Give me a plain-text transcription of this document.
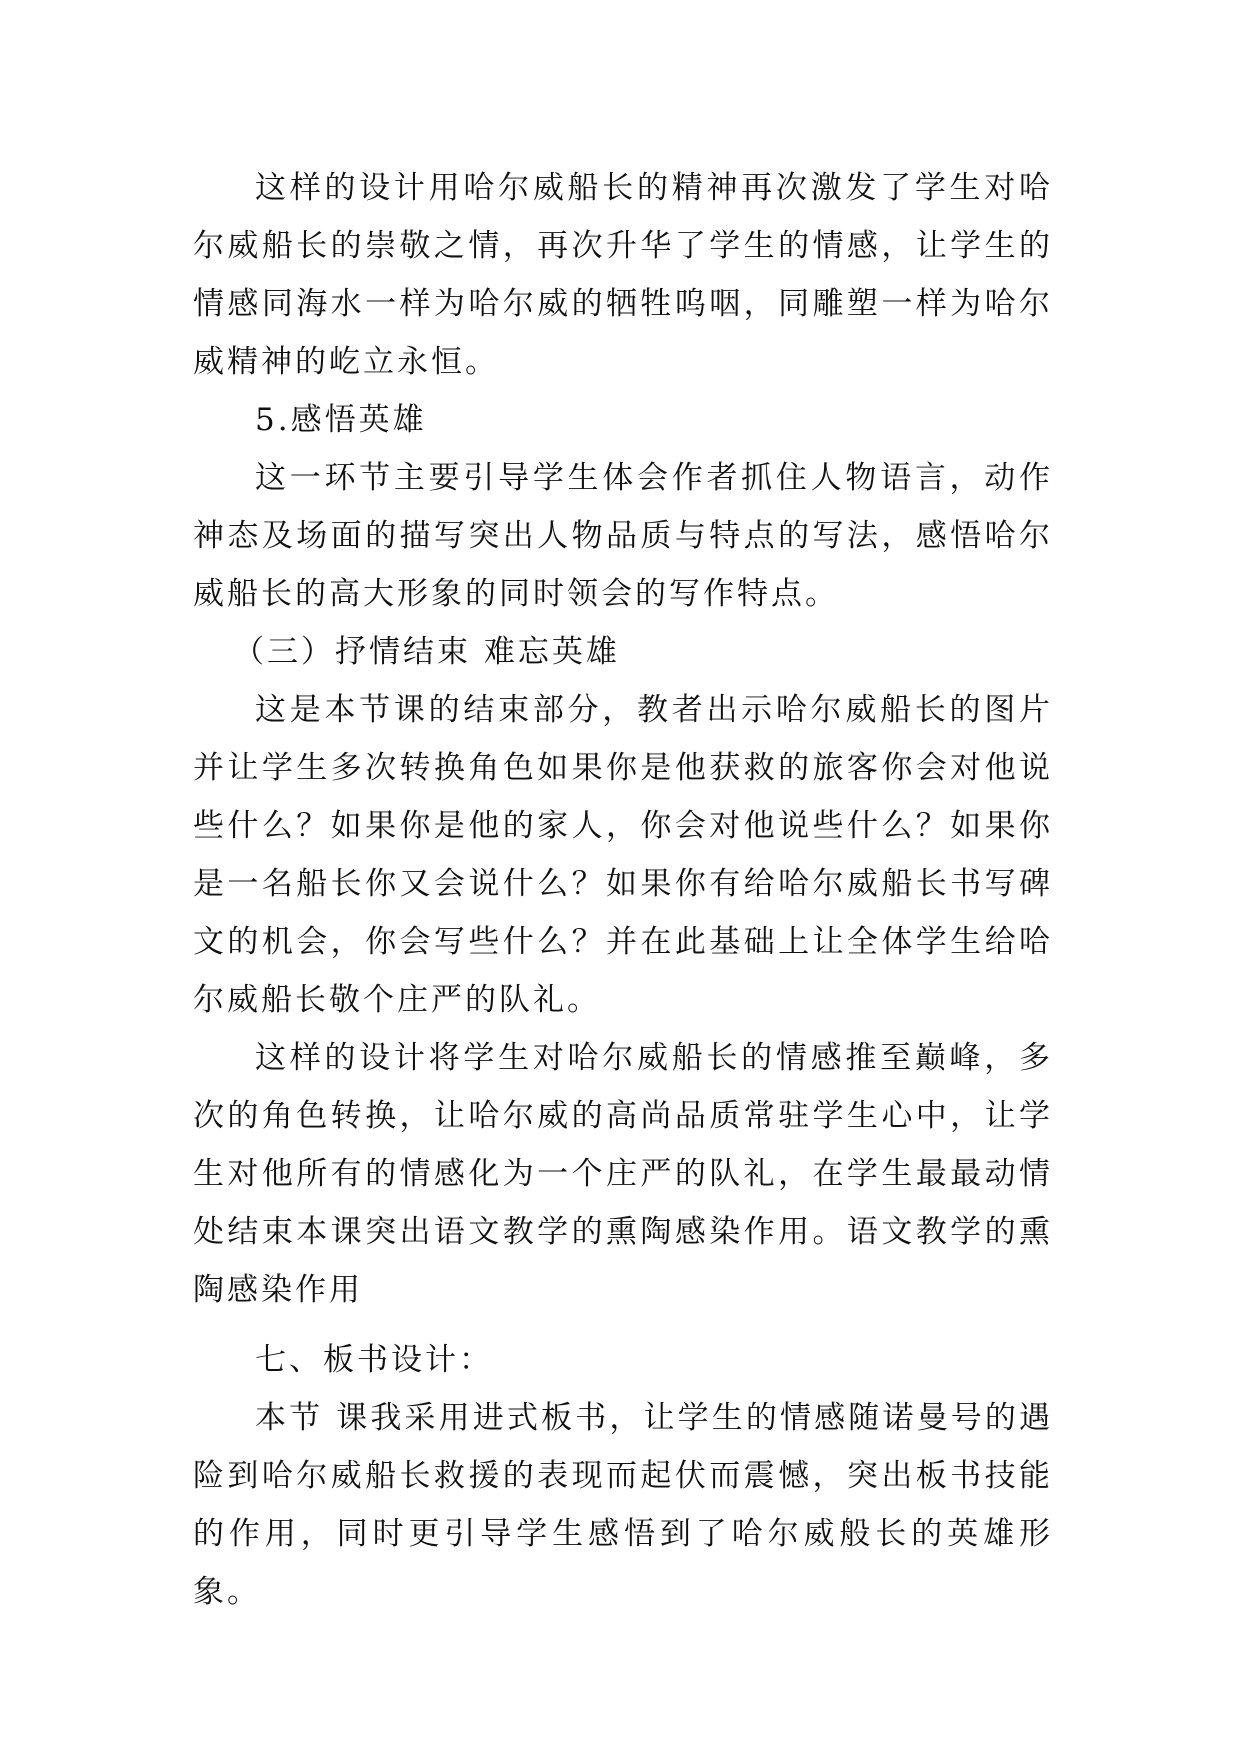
这样的设计用哈尔威船长的精神再次激发了学生对哈尔威船长的崇敬之情，再次升华了学生的情感，让学生的情感同海水一样为哈尔威的牺牲呜咽，同雕塑一样为哈尔威精神的屹立永恒。

5.感悟英雄

这一环节主要引导学生体会作者抓住人物语言，动作神态及场面的描写突出人物品质与特点的写法，感悟哈尔威船长的高大形象的同时领会的写作特点。

（三）抒情结束 难忘英雄

这是本节课的结束部分，教者出示哈尔威船长的图片并让学生多次转换角色如果你是他获救的旅客你会对他说些什么？如果你是他的家人，你会对他说些什么？如果你是一名船长你又会说什么？如果你有给哈尔威船长书写碑文的机会，你会写些什么？并在此基础上让全体学生给哈尔威船长敬个庄严的队礼。

这样的设计将学生对哈尔威船长的情感推至巅峰，多次的角色转换，让哈尔威的高尚品质常驻学生心中，让学生对他所有的情感化为一个庄严的队礼，在学生最最动情处结束本课突出语文教学的熏陶感染作用。语文教学的熏陶感染作用

七、板书设计：

本节 课我采用进式板书，让学生的情感随诺曼号的遇险到哈尔威船长救援的表现而起伏而震憾，突出板书技能的作用，同时更引导学生感悟到了哈尔威般长的英雄形象。
